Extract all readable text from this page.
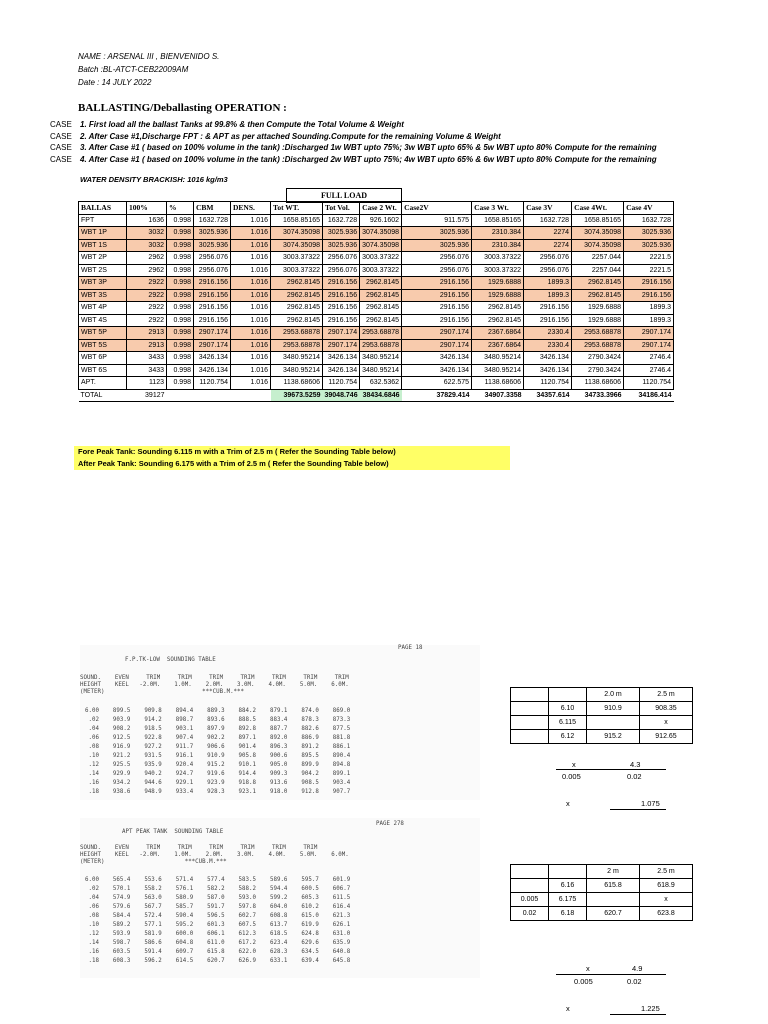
NAME : ARSENAL III , BIENVENIDO S.
Batch :BL-ATCT-CEB22009AM
Date : 14 JULY 2022
BALLASTING/Deballasting OPERATION :
CASE 1. First load all the ballast Tanks at 99.8% & then Compute the Total Volume & Weight
CASE 2. After Case #1,Discharge FPT : & APT as per attached Sounding.Compute for the remaining Volume & Weight
CASE 3. After Case #1 ( based on 100% volume in the tank) :Discharged 1w WBT upto 75%; 3w WBT upto 65% & 5w WBT upto 80% Compute for the remaining
CASE 4. After Case #1 ( based on 100% volume in the tank) :Discharged 2w WBT upto 75%; 4w WBT upto 65% & 6w WBT upto 80% Compute for the remaining
WATER DENSITY BRACKISH: 1016 kg/m3
FULL LOAD
BALLAS	100%	%	CBM	DENS.	Tot WT.	Tot Vol.	Case 2 Wt.	Case2V	Case 3 Wt.	Case 3V	Case 4Wt.	Case 4V
FPT	1636	0.998	1632.728	1.016	1658.85165	1632.728	926.1602	911.575	1658.85165	1632.728	1658.85165	1632.728
WBT 1P	3032	0.998	3025.936	1.016	3074.35098	3025.936	3074.35098	3025.936	2310.384	2274	3074.35098	3025.936
WBT 1S	3032	0.998	3025.936	1.016	3074.35098	3025.936	3074.35098	3025.936	2310.384	2274	3074.35098	3025.936
WBT 2P	2962	0.998	2956.076	1.016	3003.37322	2956.076	3003.37322	2956.076	3003.37322	2956.076	2257.044	2221.5
WBT 2S	2962	0.998	2956.076	1.016	3003.37322	2956.076	3003.37322	2956.076	3003.37322	2956.076	2257.044	2221.5
WBT 3P	2922	0.998	2916.156	1.016	2962.8145	2916.156	2962.8145	2916.156	1929.6888	1899.3	2962.8145	2916.156
WBT 3S	2922	0.998	2916.156	1.016	2962.8145	2916.156	2962.8145	2916.156	1929.6888	1899.3	2962.8145	2916.156
WBT 4P	2922	0.998	2916.156	1.016	2962.8145	2916.156	2962.8145	2916.156	2962.8145	2916.156	1929.6888	1899.3
WBT 4S	2922	0.998	2916.156	1.016	2962.8145	2916.156	2962.8145	2916.156	2962.8145	2916.156	1929.6888	1899.3
WBT 5P	2913	0.998	2907.174	1.016	2953.68878	2907.174	2953.68878	2907.174	2367.6864	2330.4	2953.68878	2907.174
WBT 5S	2913	0.998	2907.174	1.016	2953.68878	2907.174	2953.68878	2907.174	2367.6864	2330.4	2953.68878	2907.174
WBT 6P	3433	0.998	3426.134	1.016	3480.95214	3426.134	3480.95214	3426.134	3480.95214	3426.134	2790.3424	2746.4
WBT 6S	3433	0.998	3426.134	1.016	3480.95214	3426.134	3480.95214	3426.134	3480.95214	3426.134	2790.3424	2746.4
APT.	1123	0.998	1120.754	1.016	1138.68606	1120.754	632.5362	622.575	1138.68606	1120.754	1138.68606	1120.754
TOTAL	39127				39673.5259	39048.746	38434.6846	37829.414	34907.3358	34357.614	34733.3966	34186.414
Fore Peak Tank: Sounding 6.115 m with a Trim of 2.5 m ( Refer the Sounding Table below)
After Peak Tank: Sounding 6.175 with a Trim of 2.5 m ( Refer the Sounding Table below)
PAGE 18
F.P.TK-LOW  SOUNDING TABLE
SOUND.    EVEN     TRIM     TRIM     TRIM     TRIM     TRIM     TRIM     TRIM
HEIGHT    KEEL   -2.0M.    1.0M.    2.0M.    3.0M.    4.0M.    5.0M.    6.0M.
(METER)                            ***CUB.M.***
6.00    899.5    909.8    894.4    889.3    884.2    879.1    874.0    869.0
.02    903.9    914.2    898.7    893.6    888.5    883.4    878.3    873.3
.04    908.2    918.5    903.1    897.9    892.8    887.7    882.6    877.5
.06    912.5    922.8    907.4    902.2    897.1    892.0    886.9    881.8
.08    916.9    927.2    911.7    906.6    901.4    896.3    891.2    886.1
.10    921.2    931.5    916.1    910.9    905.8    900.6    895.5    890.4
.12    925.5    935.9    920.4    915.2    910.1    905.0    899.9    894.8
.14    929.9    940.2    924.7    919.6    914.4    909.3    904.2    899.1
.16    934.2    944.6    929.1    923.9    918.8    913.6    908.5    903.4
.18    938.6    948.9    933.4    928.3    923.1    918.0    912.8    907.7
PAGE 278
APT PEAK TANK  SOUNDING TABLE
SOUND.    EVEN     TRIM     TRIM     TRIM     TRIM     TRIM     TRIM
HEIGHT    KEEL   -2.0M.    1.0M.    2.0M.    3.0M.    4.0M.    5.0M.    6.0M.
(METER)                       ***CUB.M.***
6.00    565.4    553.6    571.4    577.4    583.5    589.6    595.7    601.9
.02    570.1    558.2    576.1    582.2    588.2    594.4    600.5    606.7
.04    574.9    563.0    580.9    587.0    593.0    599.2    605.3    611.5
.06    579.6    567.7    585.7    591.7    597.8    604.0    610.2    616.4
.08    584.4    572.4    590.4    596.5    602.7    608.8    615.0    621.3
.10    589.2    577.1    595.2    601.3    607.5    613.7    619.9    626.1
.12    593.9    581.9    600.0    606.1    612.3    618.5    624.8    631.0
.14    598.7    586.6    604.8    611.0    617.2    623.4    629.6    635.9
.16    603.5    591.4    609.7    615.8    622.0    628.3    634.5    640.8
.18    608.3    596.2    614.5    620.7    626.9    633.1    639.4    645.8
		2.0 m	2.5 m
	6.10	910.9	908.35
	6.115		x
	6.12	915.2	912.65
x	4.3
0.005	0.02
x	1.075
		2 m	2.5 m
	6.16	615.8	618.9
0.005	6.175		x
0.02	6.18	620.7	623.8
x	4.9
0.005	0.02
x	1.225
